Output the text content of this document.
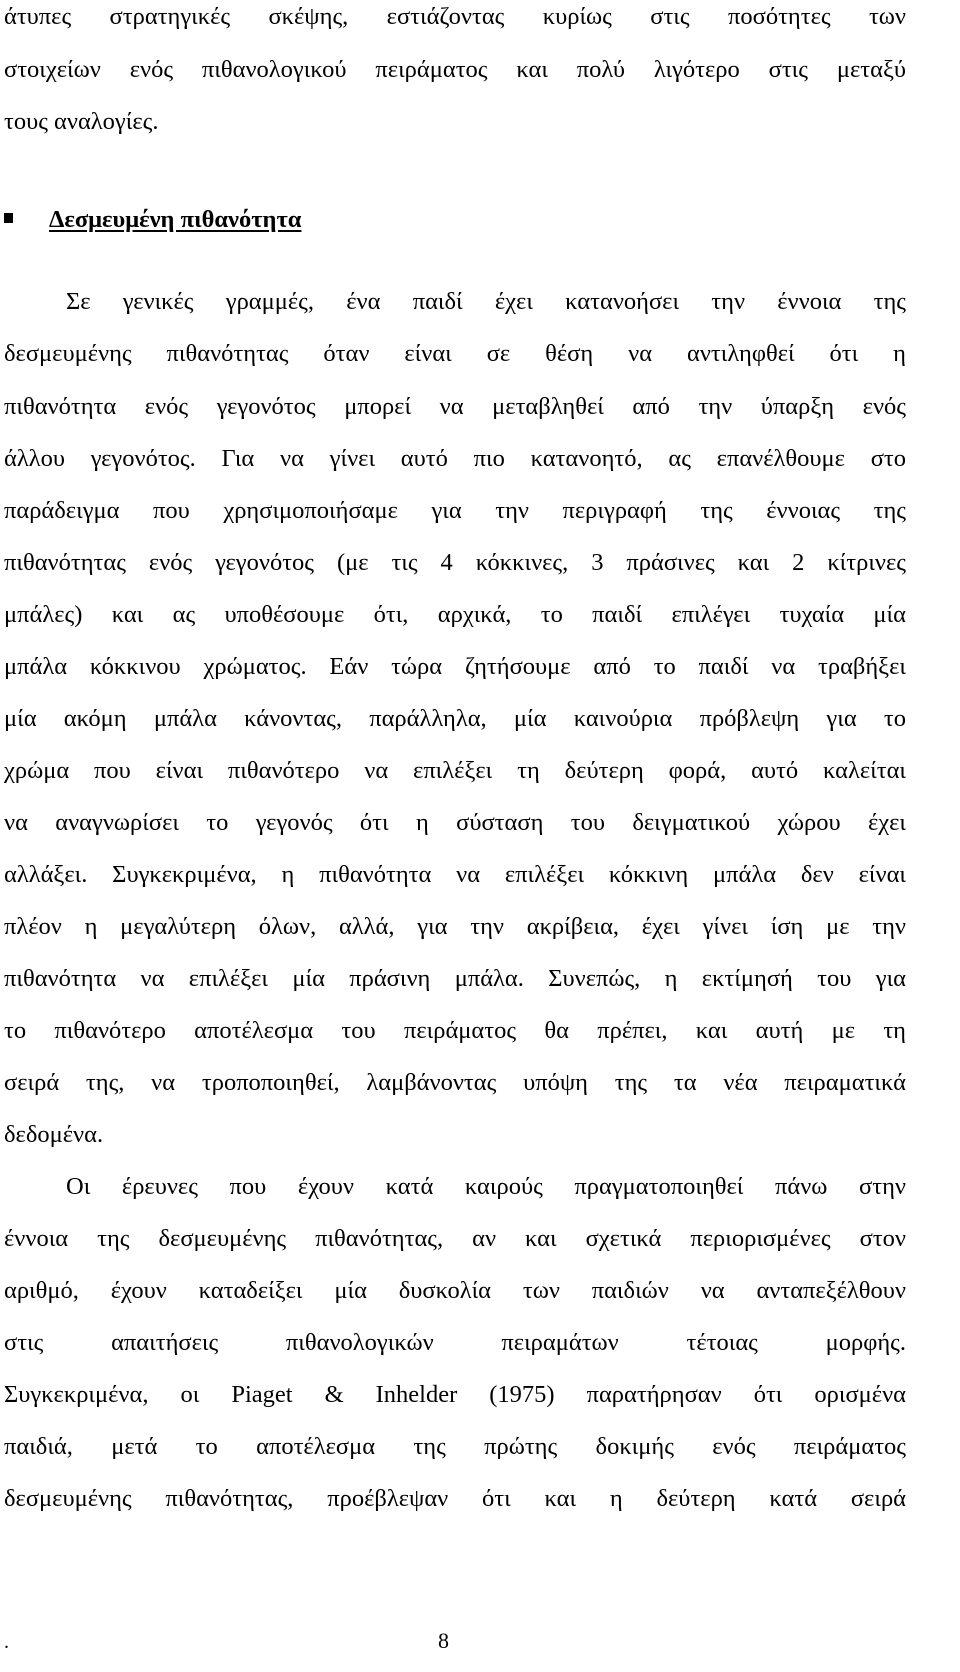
άτυπες στρατηγικές σκέψης, εστιάζοντας κυρίως στις ποσότητες των
στοιχείων ενός πιθανολογικού πειράματος και πολύ λιγότερο στις μεταξύ
τους αναλογίες.
Δεσμευμένη πιθανότητα
Σε γενικές γραμμές, ένα παιδί έχει κατανοήσει την έννοια της
δεσμευμένης πιθανότητας όταν είναι σε θέση να αντιληφθεί ότι η
πιθανότητα ενός γεγονότος μπορεί να μεταβληθεί από την ύπαρξη ενός
άλλου γεγονότος. Για να γίνει αυτό πιο κατανοητό, ας επανέλθουμε στο
παράδειγμα που χρησιμοποιήσαμε για την περιγραφή της έννοιας της
πιθανότητας ενός γεγονότος (με τις 4 κόκκινες, 3 πράσινες και 2 κίτρινες
μπάλες) και ας υποθέσουμε ότι, αρχικά, το παιδί επιλέγει τυχαία μία
μπάλα κόκκινου χρώματος. Εάν τώρα ζητήσουμε από το παιδί να τραβήξει
μία ακόμη μπάλα κάνοντας, παράλληλα, μία καινούρια πρόβλεψη για το
χρώμα που είναι πιθανότερο να επιλέξει τη δεύτερη φορά, αυτό καλείται
να αναγνωρίσει το γεγονός ότι η σύσταση του δειγματικού χώρου έχει
αλλάξει. Συγκεκριμένα, η πιθανότητα να επιλέξει κόκκινη μπάλα δεν είναι
πλέον η μεγαλύτερη όλων, αλλά, για την ακρίβεια, έχει γίνει ίση με την
πιθανότητα να επιλέξει μία πράσινη μπάλα. Συνεπώς, η εκτίμησή του για
το πιθανότερο αποτέλεσμα του πειράματος θα πρέπει, και αυτή με τη
σειρά της, να τροποποιηθεί, λαμβάνοντας υπόψη της τα νέα πειραματικά
δεδομένα.
Οι έρευνες που έχουν κατά καιρούς πραγματοποιηθεί πάνω στην
έννοια της δεσμευμένης πιθανότητας, αν και σχετικά περιορισμένες στον
αριθμό, έχουν καταδείξει μία δυσκολία των παιδιών να ανταπεξέλθουν
στις απαιτήσεις πιθανολογικών πειραμάτων τέτοιας μορφής.
Συγκεκριμένα, οι Piaget & Inhelder (1975) παρατήρησαν ότι ορισμένα
παιδιά, μετά το αποτέλεσμα της πρώτης δοκιμής ενός πειράματος
δεσμευμένης πιθανότητας, προέβλεψαν ότι και η δεύτερη κατά σειρά
.	8
